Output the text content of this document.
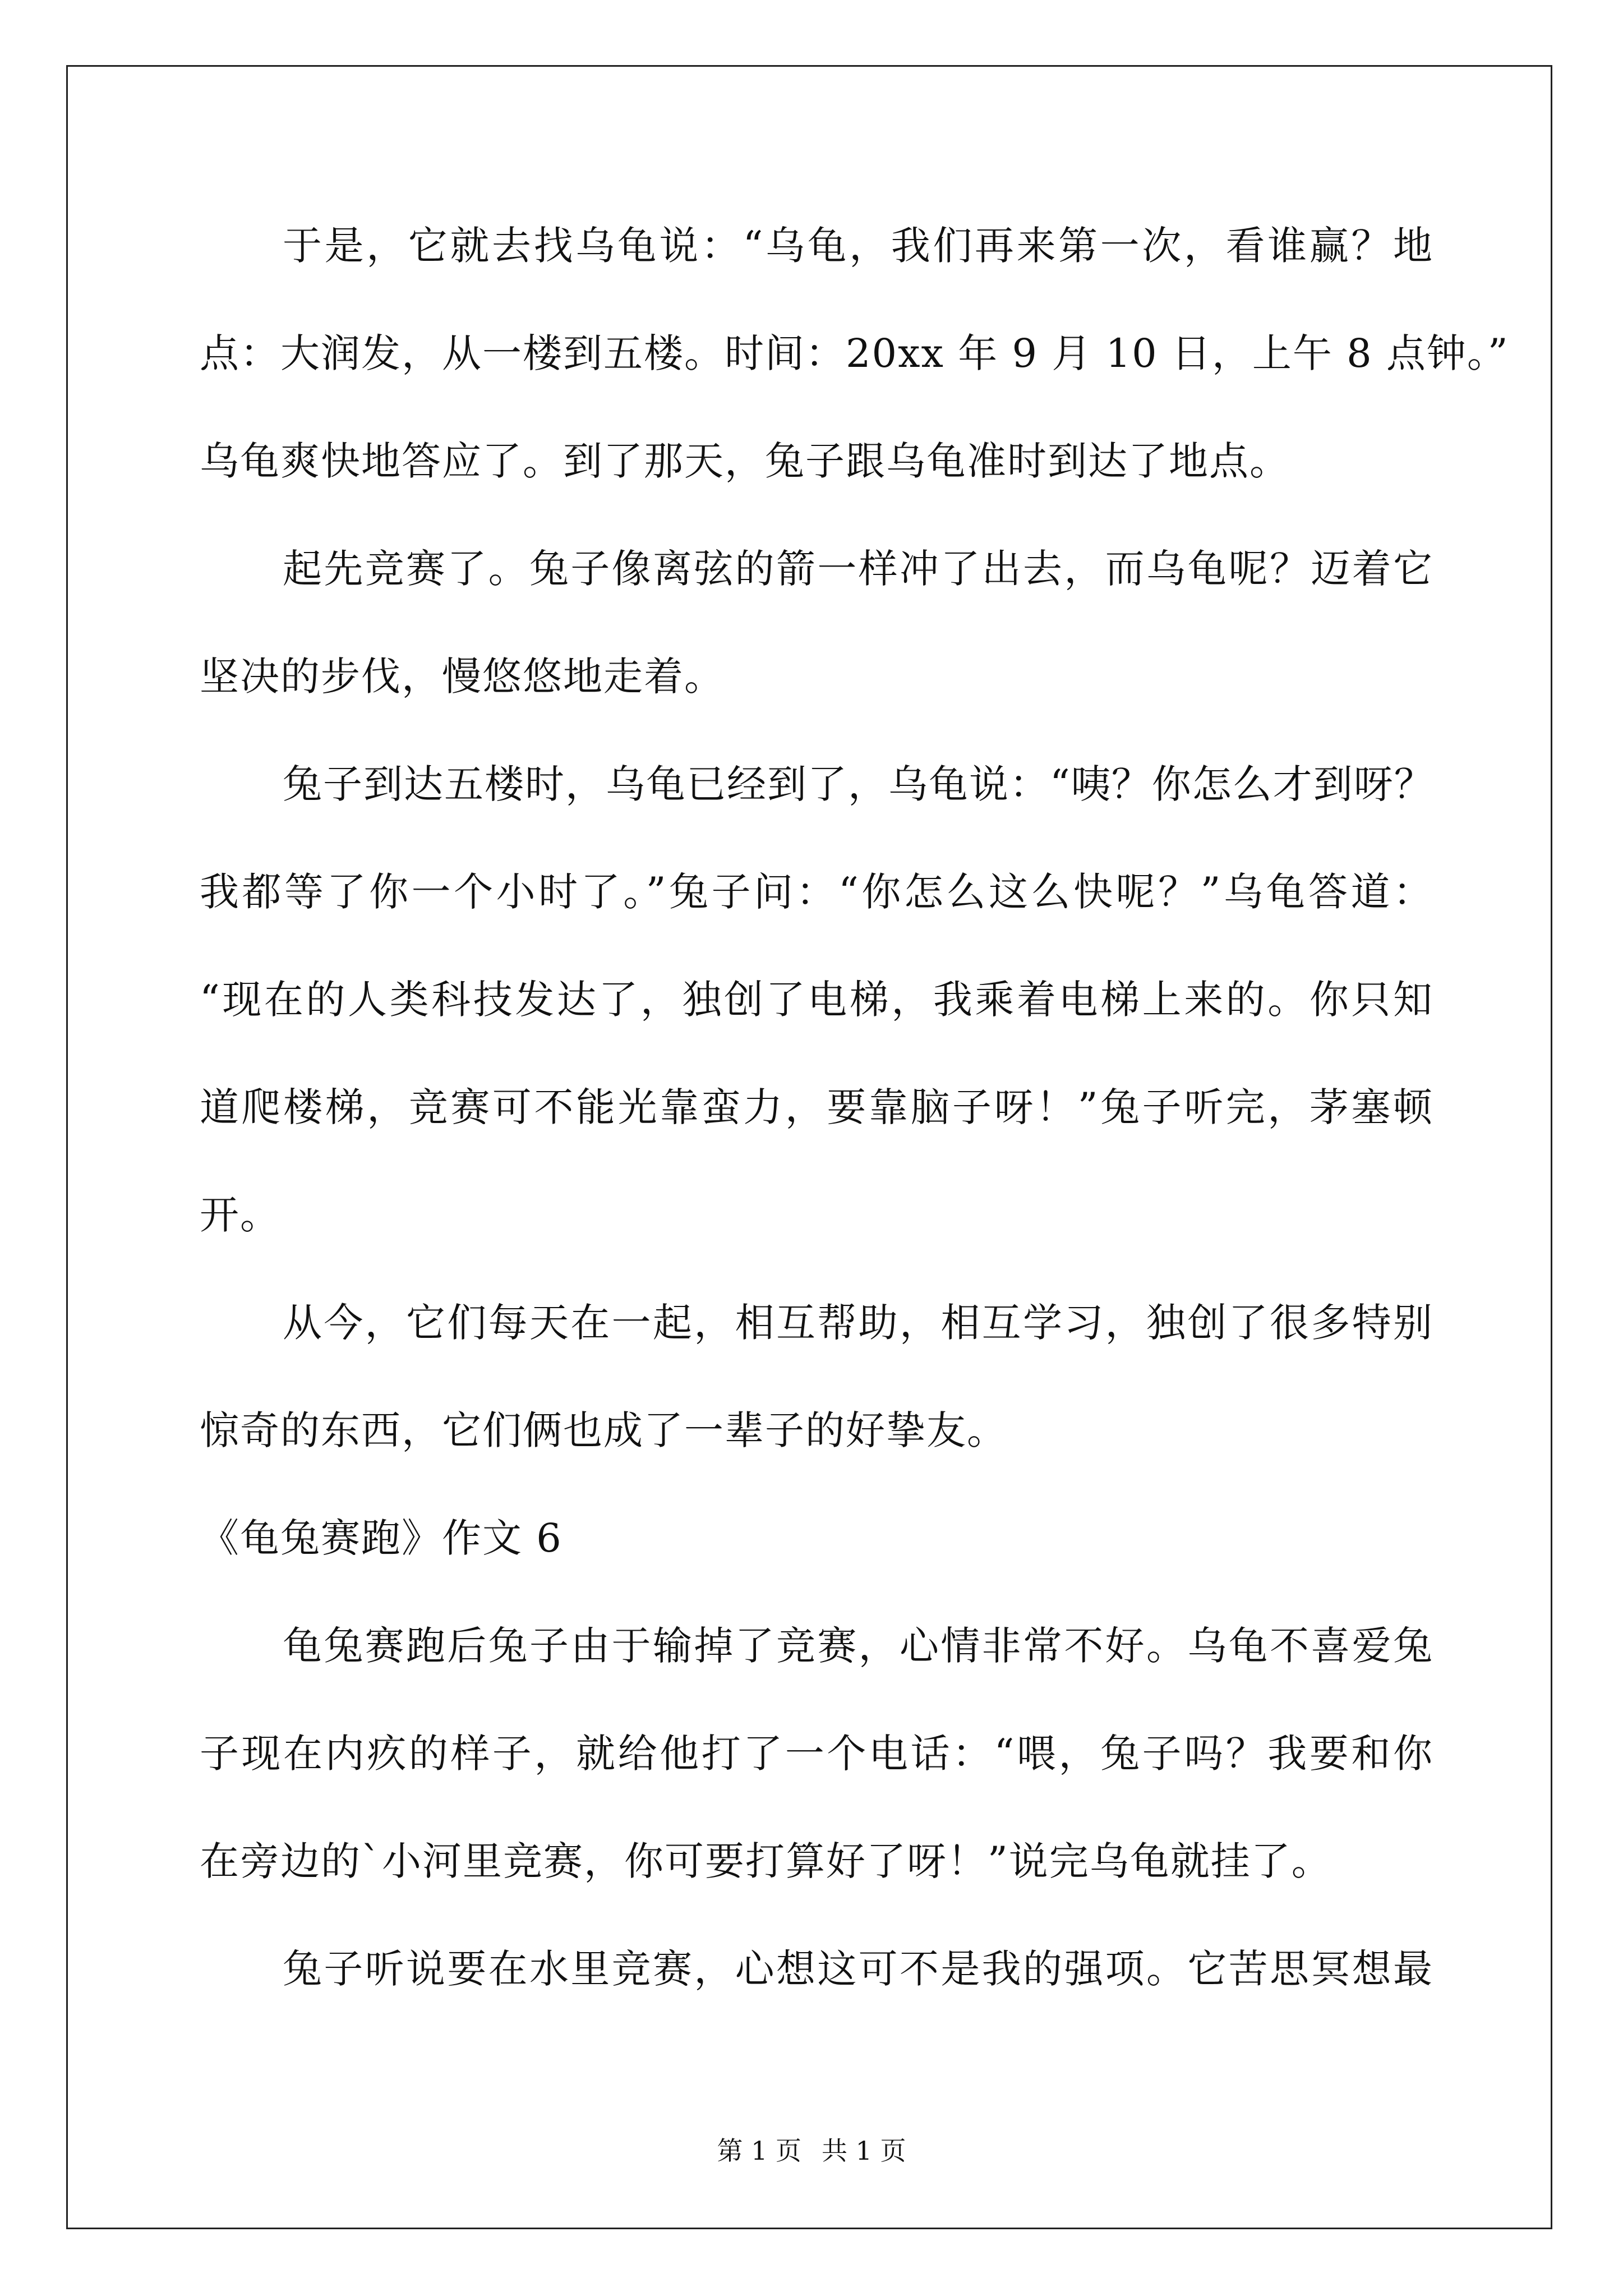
于是，它就去找乌龟说：“乌龟，我们再来第一次，看谁赢？地

点：大润发，从一楼到五楼。时间：20xx 年 9 月 10 日，上午 8 点钟。”

乌龟爽快地答应了。到了那天，兔子跟乌龟准时到达了地点。

起先竞赛了。兔子像离弦的箭一样冲了出去，而乌龟呢？迈着它

坚决的步伐，慢悠悠地走着。

兔子到达五楼时，乌龟已经到了，乌龟说：“咦？你怎么才到呀？

我都等了你一个小时了。”兔子问：“你怎么这么快呢？”乌龟答道：

“现在的人类科技发达了，独创了电梯，我乘着电梯上来的。你只知

道爬楼梯，竞赛可不能光靠蛮力，要靠脑子呀！”兔子听完，茅塞顿

开。

从今，它们每天在一起，相互帮助，相互学习，独创了很多特别

惊奇的东西，它们俩也成了一辈子的好挚友。

《龟兔赛跑》作文 6

龟兔赛跑后兔子由于输掉了竞赛，心情非常不好。乌龟不喜爱兔

子现在内疚的样子，就给他打了一个电话：“喂，兔子吗？我要和你

在旁边的`小河里竞赛，你可要打算好了呀！”说完乌龟就挂了。

兔子听说要在水里竞赛，心想这可不是我的强项。它苦思冥想最

第 1 页 共 1 页
